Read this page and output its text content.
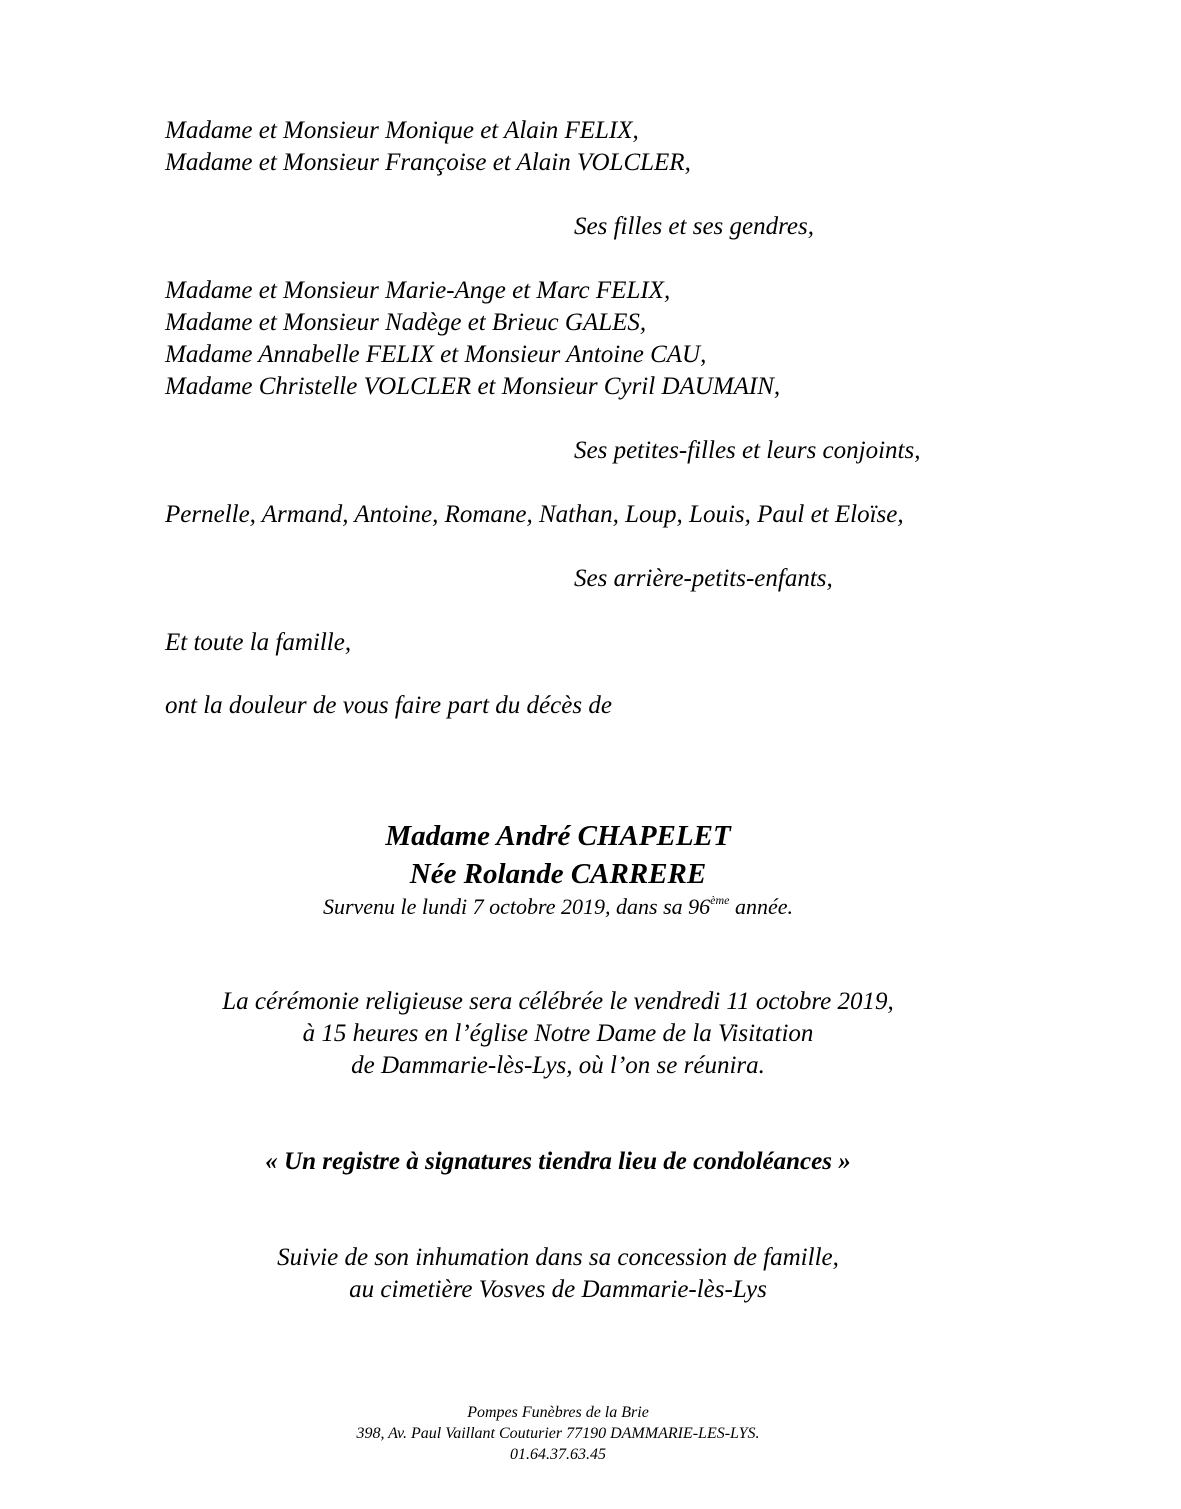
Madame et Monsieur Monique et Alain FELIX,
Madame et Monsieur Françoise et Alain VOLCLER,
Ses filles et ses gendres,
Madame et Monsieur Marie-Ange et Marc FELIX,
Madame et Monsieur Nadège et Brieuc GALES,
Madame Annabelle FELIX et Monsieur Antoine CAU,
Madame Christelle VOLCLER et Monsieur Cyril DAUMAIN,
Ses petites-filles et leurs conjoints,
Pernelle, Armand, Antoine, Romane, Nathan, Loup, Louis, Paul et Eloïse,
Ses arrière-petits-enfants,
Et toute la famille,
ont la douleur de vous faire part du décès de
Madame André CHAPELET
Née Rolande CARRERE
Survenu le lundi 7 octobre 2019, dans sa 96ème année.
La cérémonie religieuse sera célébrée le vendredi 11 octobre 2019,
à 15 heures en l’église Notre Dame de la Visitation
de Dammarie-lès-Lys, où l’on se réunira.
« Un registre à signatures tiendra lieu de condoléances »
Suivie de son inhumation dans sa concession de famille,
au cimetière Vosves de Dammarie-lès-Lys
Pompes Funèbres de la Brie
398, Av. Paul Vaillant Couturier 77190 DAMMARIE-LES-LYS.
01.64.37.63.45
